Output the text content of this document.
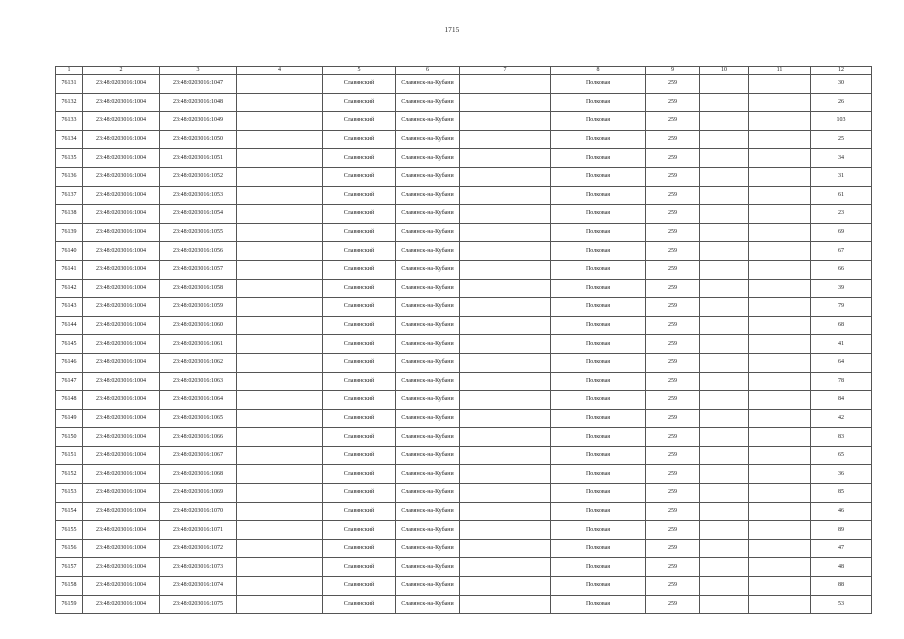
1715
1	2	3	4	5	6	7	8	9	10	11	12
76131	23:48:0203016:1004	23:48:0203016:1047		Славянский	Славянск-на-Кубани		Полковая	259			30
76132	23:48:0203016:1004	23:48:0203016:1048		Славянский	Славянск-на-Кубани		Полковая	259			26
76133	23:48:0203016:1004	23:48:0203016:1049		Славянский	Славянск-на-Кубани		Полковая	259			103
76134	23:48:0203016:1004	23:48:0203016:1050		Славянский	Славянск-на-Кубани		Полковая	259			25
76135	23:48:0203016:1004	23:48:0203016:1051		Славянский	Славянск-на-Кубани		Полковая	259			34
76136	23:48:0203016:1004	23:48:0203016:1052		Славянский	Славянск-на-Кубани		Полковая	259			31
76137	23:48:0203016:1004	23:48:0203016:1053		Славянский	Славянск-на-Кубани		Полковая	259			61
76138	23:48:0203016:1004	23:48:0203016:1054		Славянский	Славянск-на-Кубани		Полковая	259			23
76139	23:48:0203016:1004	23:48:0203016:1055		Славянский	Славянск-на-Кубани		Полковая	259			69
76140	23:48:0203016:1004	23:48:0203016:1056		Славянский	Славянск-на-Кубани		Полковая	259			67
76141	23:48:0203016:1004	23:48:0203016:1057		Славянский	Славянск-на-Кубани		Полковая	259			66
76142	23:48:0203016:1004	23:48:0203016:1058		Славянский	Славянск-на-Кубани		Полковая	259			39
76143	23:48:0203016:1004	23:48:0203016:1059		Славянский	Славянск-на-Кубани		Полковая	259			79
76144	23:48:0203016:1004	23:48:0203016:1060		Славянский	Славянск-на-Кубани		Полковая	259			68
76145	23:48:0203016:1004	23:48:0203016:1061		Славянский	Славянск-на-Кубани		Полковая	259			41
76146	23:48:0203016:1004	23:48:0203016:1062		Славянский	Славянск-на-Кубани		Полковая	259			64
76147	23:48:0203016:1004	23:48:0203016:1063		Славянский	Славянск-на-Кубани		Полковая	259			78
76148	23:48:0203016:1004	23:48:0203016:1064		Славянский	Славянск-на-Кубани		Полковая	259			84
76149	23:48:0203016:1004	23:48:0203016:1065		Славянский	Славянск-на-Кубани		Полковая	259			42
76150	23:48:0203016:1004	23:48:0203016:1066		Славянский	Славянск-на-Кубани		Полковая	259			83
76151	23:48:0203016:1004	23:48:0203016:1067		Славянский	Славянск-на-Кубани		Полковая	259			65
76152	23:48:0203016:1004	23:48:0203016:1068		Славянский	Славянск-на-Кубани		Полковая	259			36
76153	23:48:0203016:1004	23:48:0203016:1069		Славянский	Славянск-на-Кубани		Полковая	259			85
76154	23:48:0203016:1004	23:48:0203016:1070		Славянский	Славянск-на-Кубани		Полковая	259			46
76155	23:48:0203016:1004	23:48:0203016:1071		Славянский	Славянск-на-Кубани		Полковая	259			89
76156	23:48:0203016:1004	23:48:0203016:1072		Славянский	Славянск-на-Кубани		Полковая	259			47
76157	23:48:0203016:1004	23:48:0203016:1073		Славянский	Славянск-на-Кубани		Полковая	259			48
76158	23:48:0203016:1004	23:48:0203016:1074		Славянский	Славянск-на-Кубани		Полковая	259			88
76159	23:48:0203016:1004	23:48:0203016:1075		Славянский	Славянск-на-Кубани		Полковая	259			53
